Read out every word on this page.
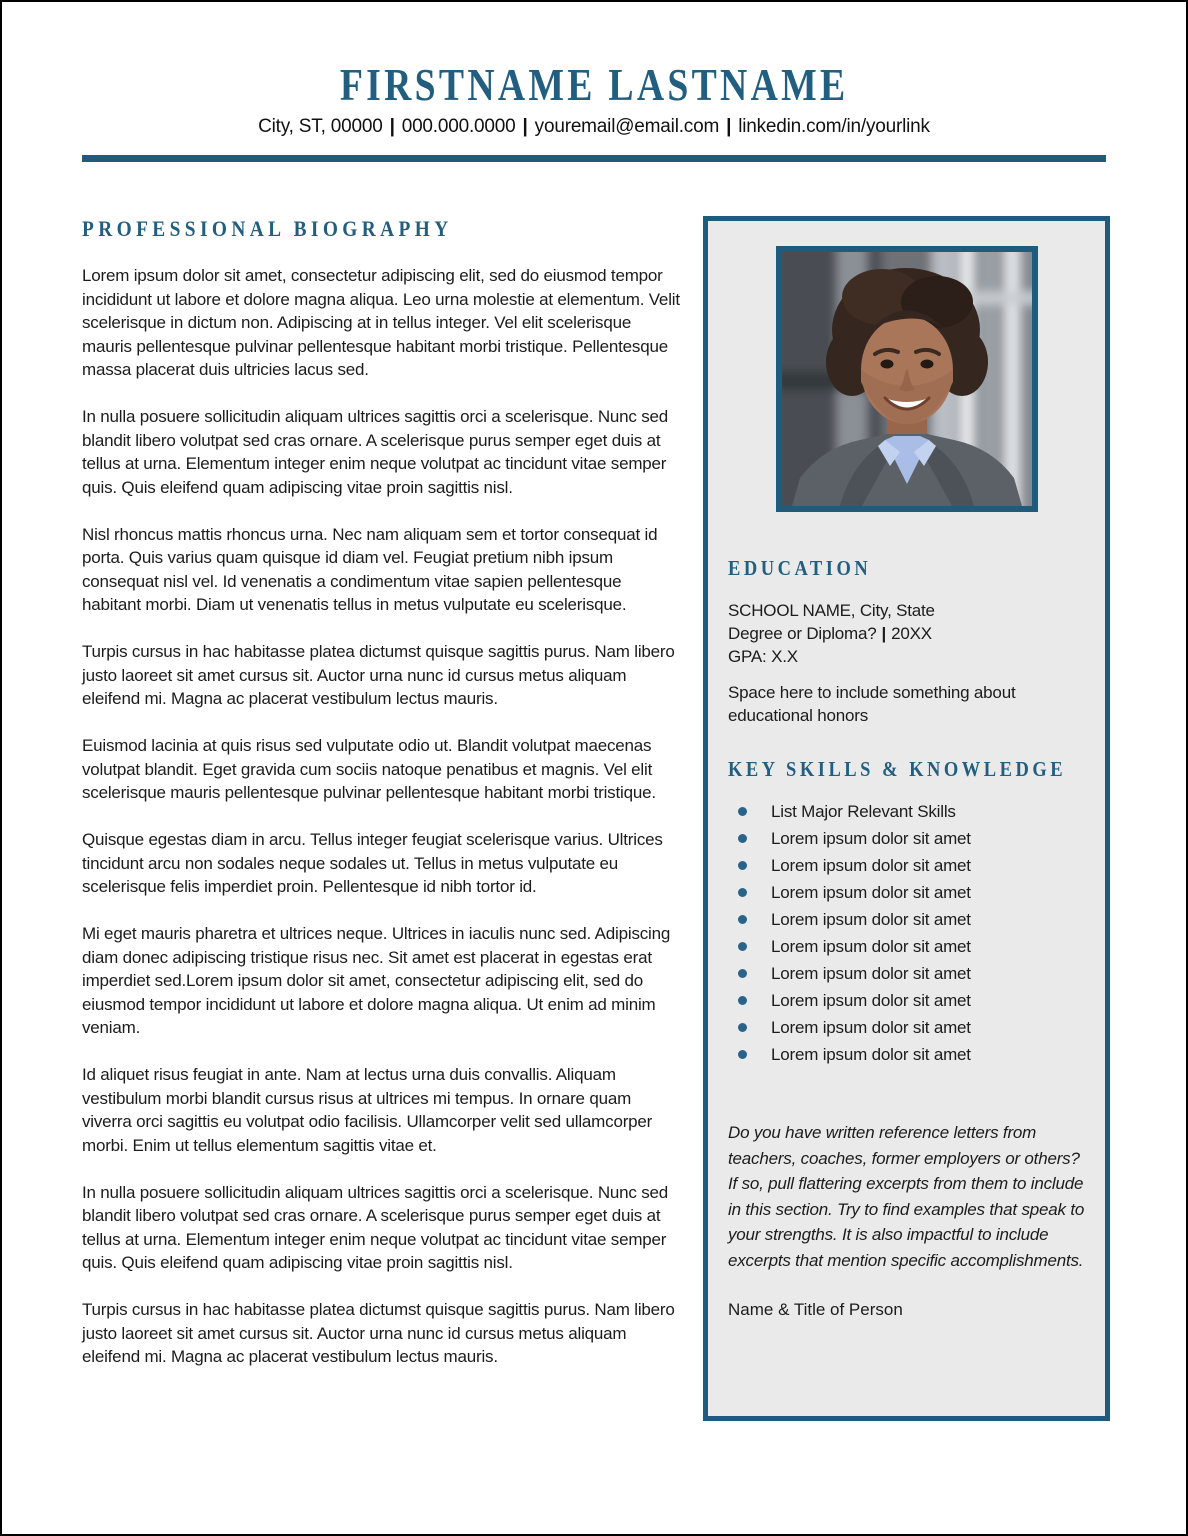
FIRSTNAME LASTNAME
City, ST, 00000 | 000.000.0000 | youremail@email.com | linkedin.com/in/yourlink
PROFESSIONAL BIOGRAPHY

Lorem ipsum dolor sit amet, consectetur adipiscing elit, sed do eiusmod tempor incididunt ut labore et dolore magna aliqua. Leo urna molestie at elementum. Velit scelerisque in dictum non. Adipiscing at in tellus integer. Vel elit scelerisque mauris pellentesque pulvinar pellentesque habitant morbi tristique. Pellentesque massa placerat duis ultricies lacus sed.

In nulla posuere sollicitudin aliquam ultrices sagittis orci a scelerisque. Nunc sed blandit libero volutpat sed cras ornare. A scelerisque purus semper eget duis at tellus at urna. Elementum integer enim neque volutpat ac tincidunt vitae semper quis. Quis eleifend quam adipiscing vitae proin sagittis nisl.

Nisl rhoncus mattis rhoncus urna. Nec nam aliquam sem et tortor consequat id porta. Quis varius quam quisque id diam vel. Feugiat pretium nibh ipsum consequat nisl vel. Id venenatis a condimentum vitae sapien pellentesque habitant morbi. Diam ut venenatis tellus in metus vulputate eu scelerisque.

Turpis cursus in hac habitasse platea dictumst quisque sagittis purus. Nam libero justo laoreet sit amet cursus sit. Auctor urna nunc id cursus metus aliquam eleifend mi. Magna ac placerat vestibulum lectus mauris.

Euismod lacinia at quis risus sed vulputate odio ut. Blandit volutpat maecenas volutpat blandit. Eget gravida cum sociis natoque penatibus et magnis. Vel elit scelerisque mauris pellentesque pulvinar pellentesque habitant morbi tristique.

Quisque egestas diam in arcu. Tellus integer feugiat scelerisque varius. Ultrices tincidunt arcu non sodales neque sodales ut. Tellus in metus vulputate eu scelerisque felis imperdiet proin. Pellentesque id nibh tortor id.

Mi eget mauris pharetra et ultrices neque. Ultrices in iaculis nunc sed. Adipiscing diam donec adipiscing tristique risus nec. Sit amet est placerat in egestas erat imperdiet sed.Lorem ipsum dolor sit amet, consectetur adipiscing elit, sed do eiusmod tempor incididunt ut labore et dolore magna aliqua. Ut enim ad minim veniam.

Id aliquet risus feugiat in ante. Nam at lectus urna duis convallis. Aliquam vestibulum morbi blandit cursus risus at ultrices mi tempus. In ornare quam viverra orci sagittis eu volutpat odio facilisis. Ullamcorper velit sed ullamcorper morbi. Enim ut tellus elementum sagittis vitae et.

In nulla posuere sollicitudin aliquam ultrices sagittis orci a scelerisque. Nunc sed blandit libero volutpat sed cras ornare. A scelerisque purus semper eget duis at tellus at urna. Elementum integer enim neque volutpat ac tincidunt vitae semper quis. Quis eleifend quam adipiscing vitae proin sagittis nisl.

Turpis cursus in hac habitasse platea dictumst quisque sagittis purus. Nam libero justo laoreet sit amet cursus sit. Auctor urna nunc id cursus metus aliquam eleifend mi. Magna ac placerat vestibulum lectus mauris.

EDUCATION
SCHOOL NAME, City, State
Degree or Diploma? | 20XX
GPA: X.X
Space here to include something about educational honors
KEY SKILLS & KNOWLEDGE
List Major Relevant Skills
Lorem ipsum dolor sit amet
Lorem ipsum dolor sit amet
Lorem ipsum dolor sit amet
Lorem ipsum dolor sit amet
Lorem ipsum dolor sit amet
Lorem ipsum dolor sit amet
Lorem ipsum dolor sit amet
Lorem ipsum dolor sit amet
Lorem ipsum dolor sit amet
Do you have written reference letters from teachers, coaches, former employers or others? If so, pull flattering excerpts from them to include in this section. Try to find examples that speak to your strengths. It is also impactful to include excerpts that mention specific accomplishments.
Name & Title of Person
